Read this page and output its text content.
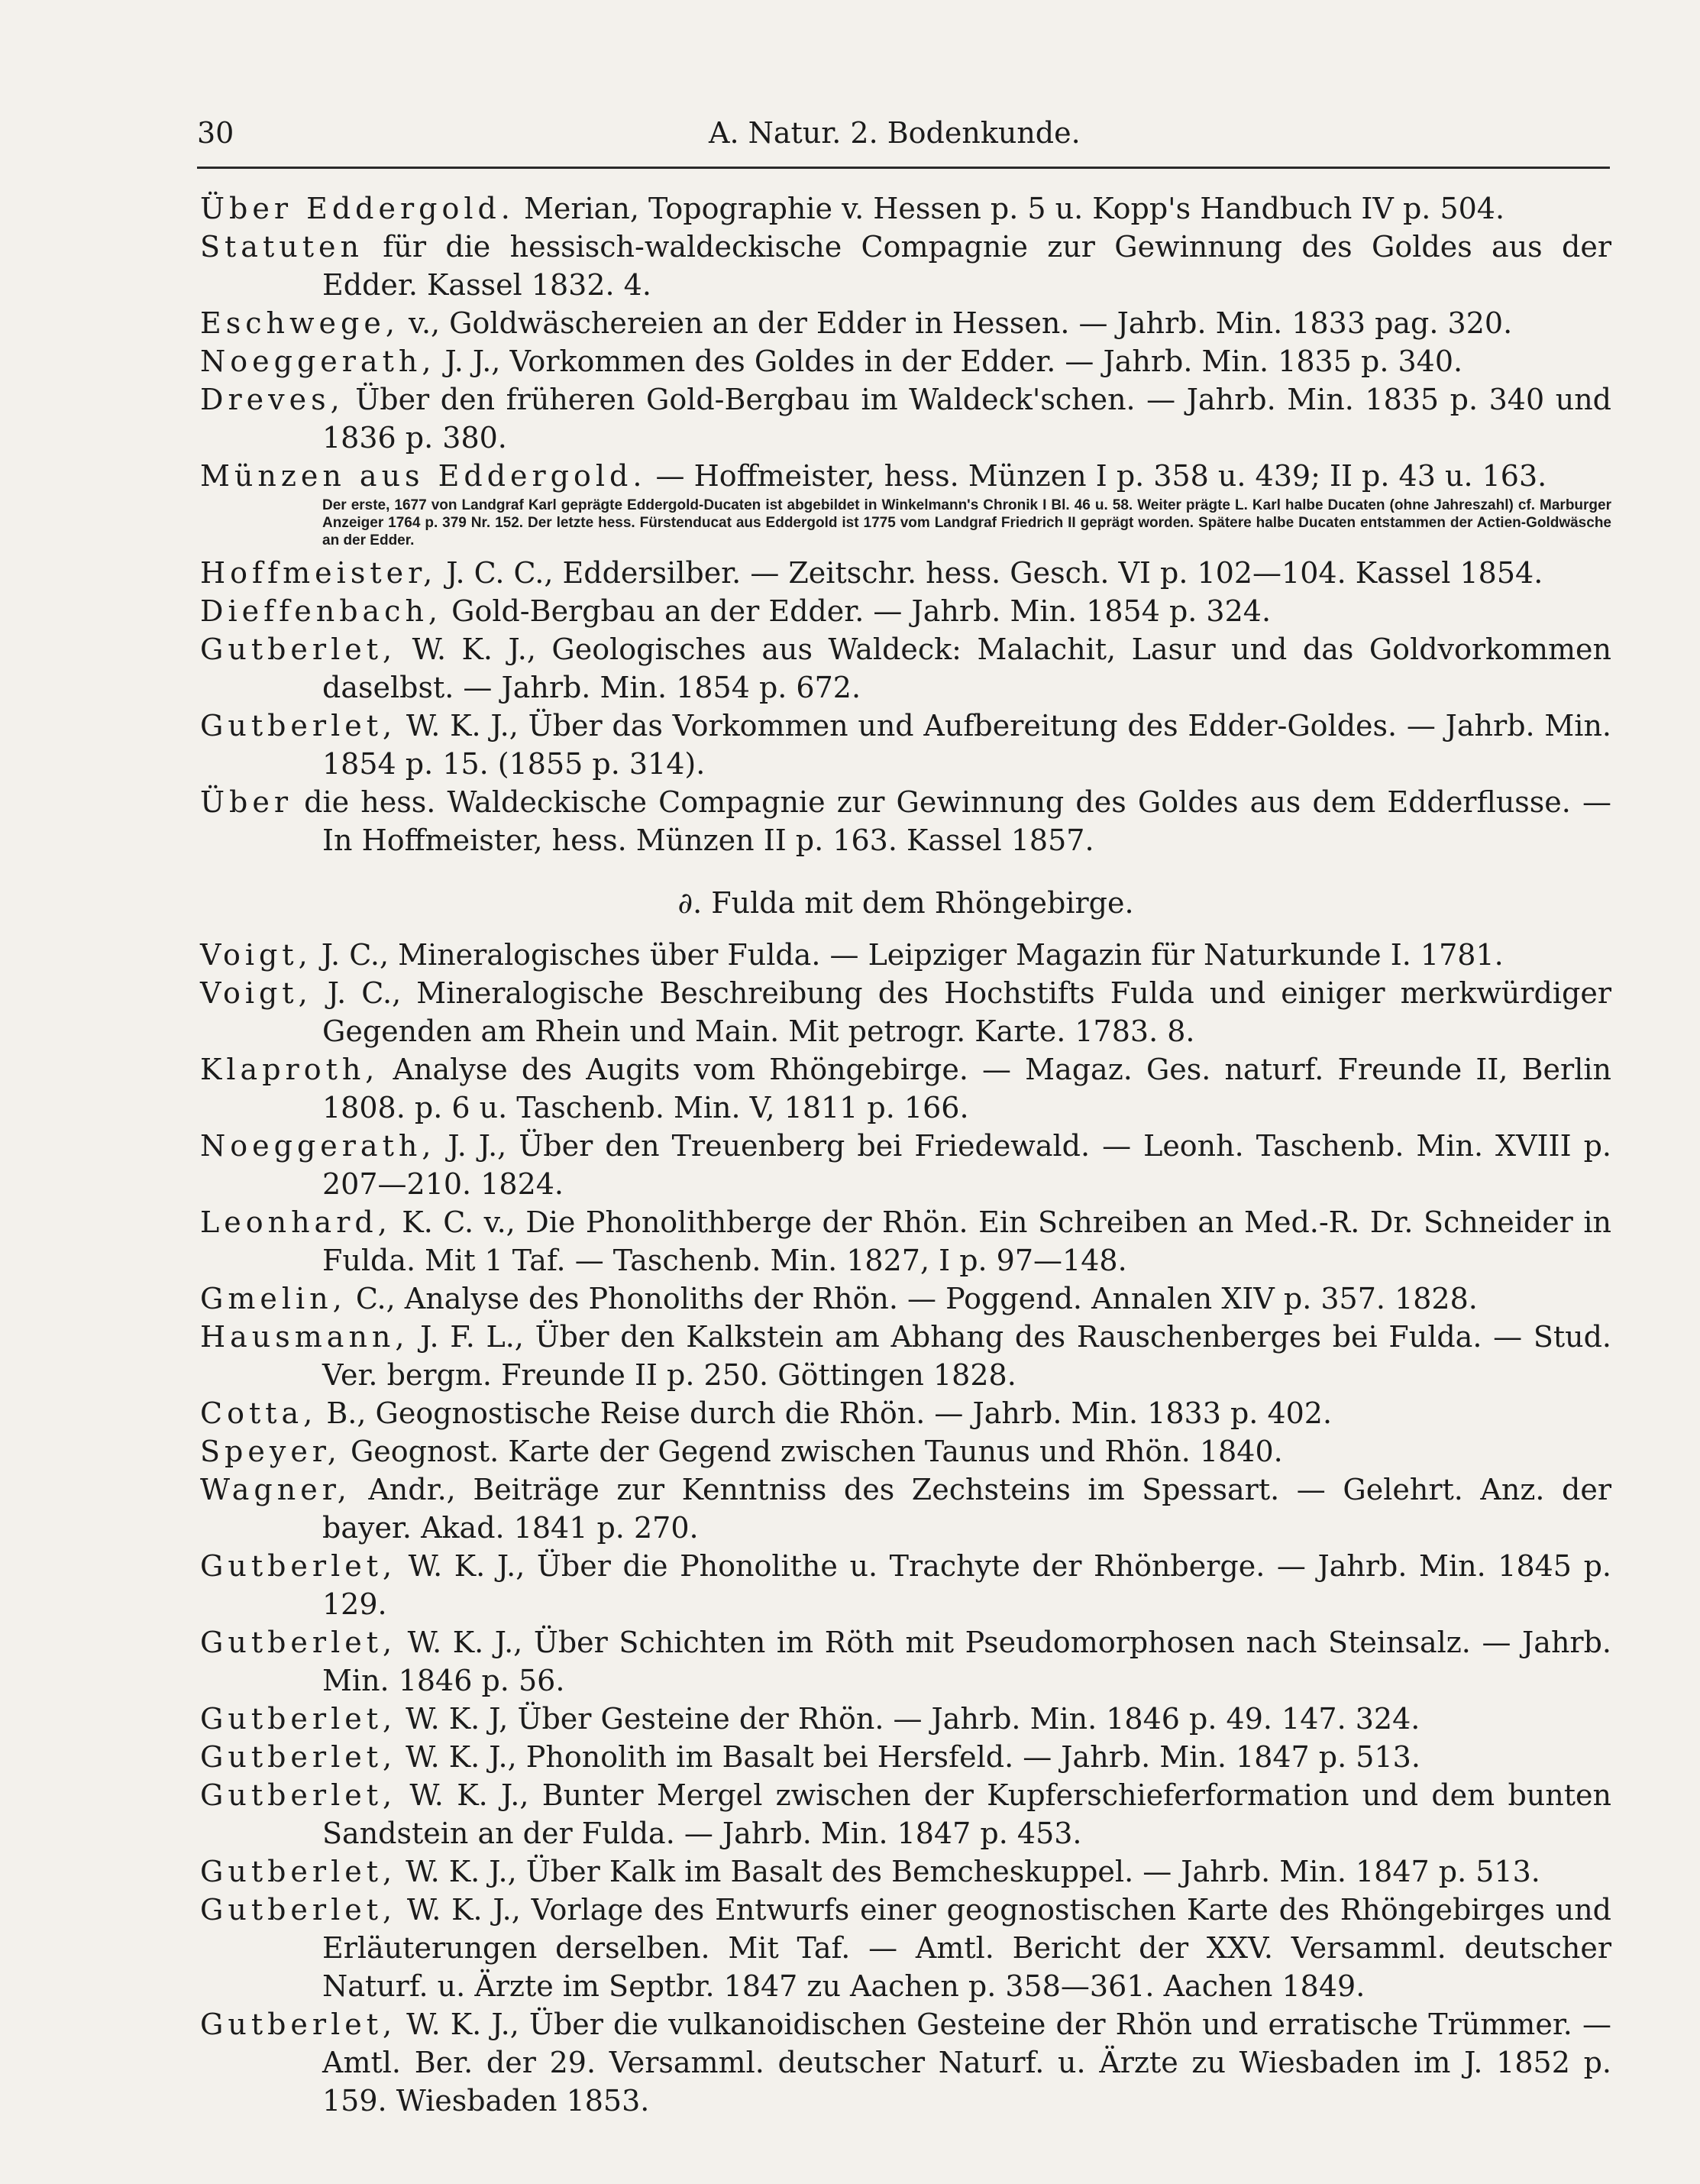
30	A. Natur. 2. Bodenkunde.

Über Eddergold. Merian, Topographie v. Hessen p. 5 u. Kopp's Handbuch IV p. 504.

Statuten für die hessisch-waldeckische Compagnie zur Gewinnung des Goldes aus der Edder. Kassel 1832. 4.

Eschwege, v., Goldwäschereien an der Edder in Hessen. — Jahrb. Min. 1833 pag. 320.

Noeggerath, J. J., Vorkommen des Goldes in der Edder. — Jahrb. Min. 1835 p. 340.

Dreves, Über den früheren Gold-Bergbau im Waldeck'schen. — Jahrb. Min. 1835 p. 340 und 1836 p. 380.

Münzen aus Eddergold. — Hoffmeister, hess. Münzen I p. 358 u. 439; II p. 43 u. 163.

Der erste, 1677 von Landgraf Karl geprägte Eddergold-Ducaten ist abgebildet in Winkelmann's Chronik I Bl. 46 u. 58. Weiter prägte L. Karl halbe Ducaten (ohne Jahreszahl) cf. Marburger Anzeiger 1764 p. 379 Nr. 152. Der letzte hess. Fürstenducat aus Eddergold ist 1775 vom Landgraf Friedrich II geprägt worden. Spätere halbe Ducaten entstammen der Actien-Goldwäsche an der Edder.

Hoffmeister, J. C. C., Eddersilber. — Zeitschr. hess. Gesch. VI p. 102—104. Kassel 1854.

Dieffenbach, Gold-Bergbau an der Edder. — Jahrb. Min. 1854 p. 324.

Gutberlet, W. K. J., Geologisches aus Waldeck: Malachit, Lasur und das Goldvorkommen daselbst. — Jahrb. Min. 1854 p. 672.

Gutberlet, W. K. J., Über das Vorkommen und Aufbereitung des Edder-Goldes. — Jahrb. Min. 1854 p. 15. (1855 p. 314).

Über die hess. Waldeckische Compagnie zur Gewinnung des Goldes aus dem Edderflusse. — In Hoffmeister, hess. Münzen II p. 163. Kassel 1857.

∂. Fulda mit dem Rhöngebirge.

Voigt, J. C., Mineralogisches über Fulda. — Leipziger Magazin für Naturkunde I. 1781.

Voigt, J. C., Mineralogische Beschreibung des Hochstifts Fulda und einiger merkwürdiger Gegenden am Rhein und Main. Mit petrogr. Karte. 1783. 8.

Klaproth, Analyse des Augits vom Rhöngebirge. — Magaz. Ges. naturf. Freunde II, Berlin 1808. p. 6 u. Taschenb. Min. V, 1811 p. 166.

Noeggerath, J. J., Über den Treuenberg bei Friedewald. — Leonh. Taschenb. Min. XVIII p. 207—210. 1824.

Leonhard, K. C. v., Die Phonolithberge der Rhön. Ein Schreiben an Med.-R. Dr. Schneider in Fulda. Mit 1 Taf. — Taschenb. Min. 1827, I p. 97—148.

Gmelin, C., Analyse des Phonoliths der Rhön. — Poggend. Annalen XIV p. 357. 1828.

Hausmann, J. F. L., Über den Kalkstein am Abhang des Rauschenberges bei Fulda. — Stud. Ver. bergm. Freunde II p. 250. Göttingen 1828.

Cotta, B., Geognostische Reise durch die Rhön. — Jahrb. Min. 1833 p. 402.

Speyer, Geognost. Karte der Gegend zwischen Taunus und Rhön. 1840.

Wagner, Andr., Beiträge zur Kenntniss des Zechsteins im Spessart. — Gelehrt. Anz. der bayer. Akad. 1841 p. 270.

Gutberlet, W. K. J., Über die Phonolithe u. Trachyte der Rhönberge. — Jahrb. Min. 1845 p. 129.

Gutberlet, W. K. J., Über Schichten im Röth mit Pseudomorphosen nach Steinsalz. — Jahrb. Min. 1846 p. 56.

Gutberlet, W. K. J, Über Gesteine der Rhön. — Jahrb. Min. 1846 p. 49. 147. 324.

Gutberlet, W. K. J., Phonolith im Basalt bei Hersfeld. — Jahrb. Min. 1847 p. 513.

Gutberlet, W. K. J., Bunter Mergel zwischen der Kupferschieferformation und dem bunten Sandstein an der Fulda. — Jahrb. Min. 1847 p. 453.

Gutberlet, W. K. J., Über Kalk im Basalt des Bemcheskuppel. — Jahrb. Min. 1847 p. 513.

Gutberlet, W. K. J., Vorlage des Entwurfs einer geognostischen Karte des Rhöngebirges und Erläuterungen derselben. Mit Taf. — Amtl. Bericht der XXV. Versamml. deutscher Naturf. u. Ärzte im Septbr. 1847 zu Aachen p. 358—361. Aachen 1849.

Gutberlet, W. K. J., Über die vulkanoidischen Gesteine der Rhön und erratische Trümmer. — Amtl. Ber. der 29. Versamml. deutscher Naturf. u. Ärzte zu Wiesbaden im J. 1852 p. 159. Wiesbaden 1853.
